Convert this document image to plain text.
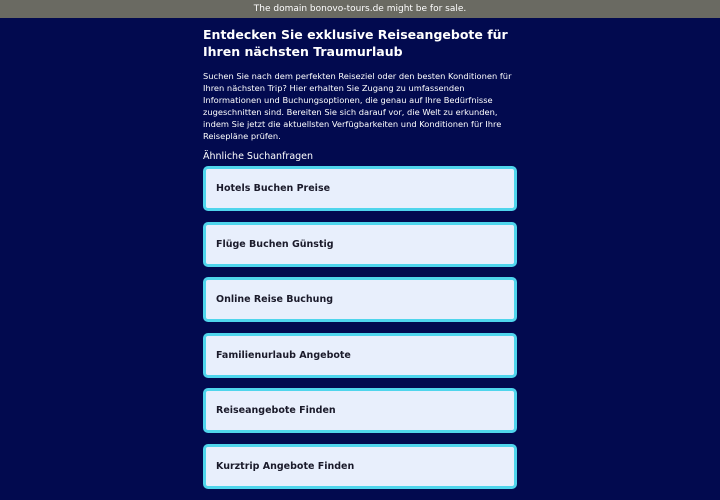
The domain bonovo-tours.de might be for sale.
Entdecken Sie exklusive Reiseangebote für Ihren nächsten Traumurlaub

Suchen Sie nach dem perfekten Reiseziel oder den besten Konditionen für Ihren nächsten Trip? Hier erhalten Sie Zugang zu umfassenden Informationen und Buchungsoptionen, die genau auf Ihre Bedürfnisse zugeschnitten sind. Bereiten Sie sich darauf vor, die Welt zu erkunden, indem Sie jetzt die aktuellsten Verfügbarkeiten und Konditionen für Ihre Reisepläne prüfen.

Ähnliche Suchanfragen
Hotels Buchen Preise
Flüge Buchen Günstig
Online Reise Buchung
Familienurlaub Angebote
Reiseangebote Finden
Kurztrip Angebote Finden
